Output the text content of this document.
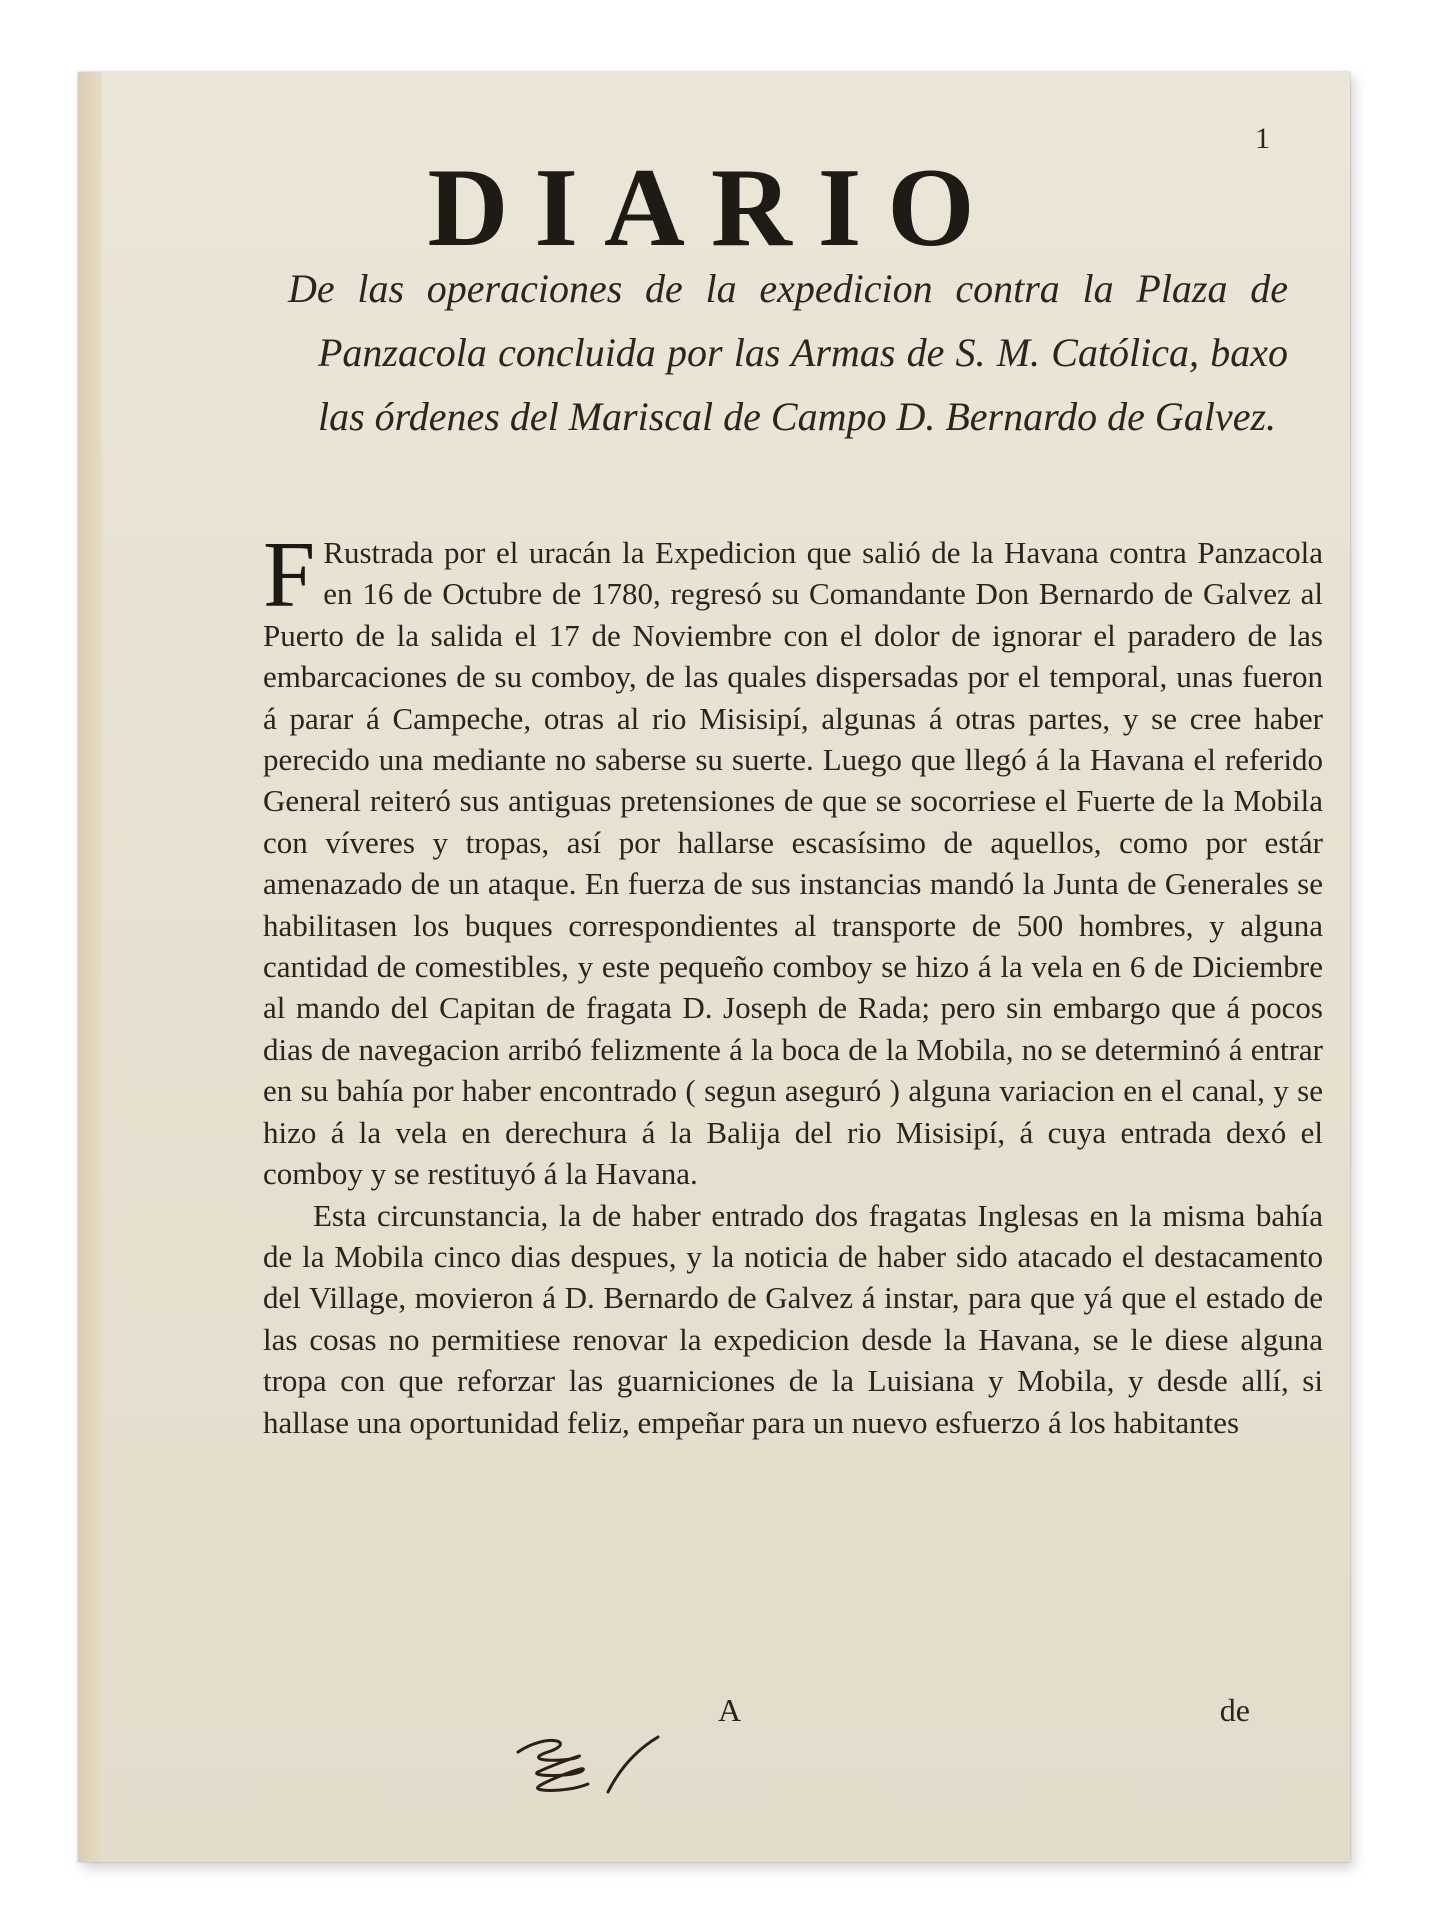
1
DIARIO
De las operaciones de la expedicion contra la Plaza de Panzacola concluida por las Armas de S. M. Católica, baxo las órdenes del Mariscal de Campo D. Bernardo de Galvez.

F Rustrada por el uracán la Expedicion que salió de la Havana contra Panzacola en 16 de Octubre de 1780, regresó su Comandante Don Bernardo de Galvez al Puerto de la salida el 17 de Noviembre con el dolor de ignorar el paradero de las embarcaciones de su comboy, de las quales dispersadas por el temporal, unas fueron á parar á Campeche, otras al rio Misisipí, algunas á otras partes, y se cree haber perecido una mediante no saberse su suerte. Luego que llegó á la Havana el referido General reiteró sus antiguas pretensiones de que se socorriese el Fuerte de la Mobila con víveres y tropas, así por hallarse escasísimo de aquellos, como por estár amenazado de un ataque. En fuerza de sus instancias mandó la Junta de Generales se habilitasen los buques correspondientes al transporte de 500 hombres, y alguna cantidad de comestibles, y este pequeño comboy se hizo á la vela en 6 de Diciembre al mando del Capitan de fragata D. Joseph de Rada; pero sin embargo que á pocos dias de navegacion arribó felizmente á la boca de la Mobila, no se determinó á entrar en su bahía por haber encontrado ( segun aseguró ) alguna variacion en el canal, y se hizo á la vela en derechura á la Balija del rio Misisipí, á cuya entrada dexó el comboy y se restituyó á la Havana.

Esta circunstancia, la de haber entrado dos fragatas Inglesas en la misma bahía de la Mobila cinco dias despues, y la noticia de haber sido atacado el destacamento del Village, movieron á D. Bernardo de Galvez á instar, para que yá que el estado de las cosas no permitiese renovar la expedicion desde la Havana, se le diese alguna tropa con que reforzar las guarniciones de la Luisiana y Mobila, y desde allí, si hallase una oportunidad feliz, empeñar para un nuevo esfuerzo á los habitantes

A	de
